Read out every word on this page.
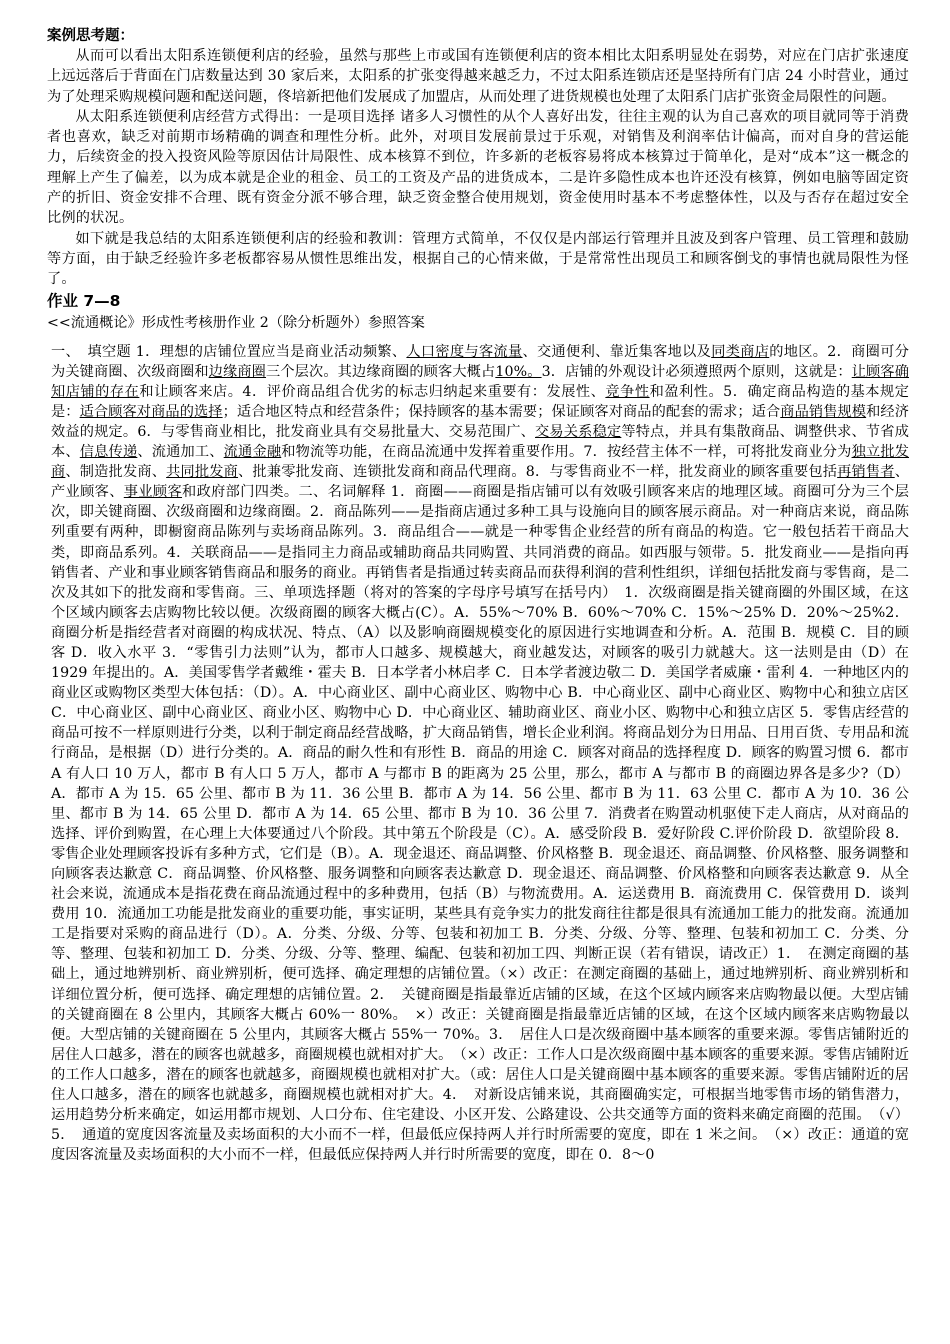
案例思考题：

从而可以看出太阳系连锁便利店的经验，虽然与那些上市或国有连锁便利店的资本相比太阳系明显处在弱势，对应在门店扩张速度上远远落后于背面在门店数量达到 30 家后来，太阳系的扩张变得越来越乏力，不过太阳系连锁店还是坚持所有门店 24 小时营业，通过为了处理采购规模问题和配送问题，佟培新把他们发展成了加盟店，从而处理了进货规模也处理了太阳系门店扩张资金局限性的问题。

从太阳系连锁便利店经营方式得出：一是项目选择 诸多人习惯性的从个人喜好出发，往往主观的认为自己喜欢的项目就同等于消费者也喜欢，缺乏对前期市场精确的调查和理性分析。此外，对项目发展前景过于乐观，对销售及利润率估计偏高，而对自身的营运能力，后续资金的投入投资风险等原因估计局限性、成本核算不到位，许多新的老板容易将成本核算过于简单化，是对“成本”这一概念的理解上产生了偏差，以为成本就是企业的租金、员工的工资及产品的进货成本，二是许多隐性成本也许还没有核算，例如电脑等固定资产的折旧、资金安排不合理、既有资金分派不够合理，缺乏资金整合使用规划，资金使用时基本不考虑整体性，以及与否存在超过安全比例的状况。

如下就是我总结的太阳系连锁便利店的经验和教训：管理方式简单，不仅仅是内部运行管理并且波及到客户管理、员工管理和鼓励等方面，由于缺乏经验许多老板都容易从惯性思维出发，根据自己的心情来做，于是常常性出现员工和顾客倒戈的事情也就局限性为怪了。

作业 7—8

<<流通概论》形成性考核册作业 2（除分析题外）参照答案

一、　填空题 1．理想的店铺位置应当是商业活动频繁、人口密度与客流量、交通便利、靠近集客地以及同类商店的地区。2．商圈可分为关键商圈、次级商圈和边缘商圈三个层次。其边缘商圈的顾客大概占10%。3．店铺的外观设计必须遵照两个原则，这就是：让顾客确知店铺的存在和让顾客来店。4．评价商品组合优劣的标志归纳起来重要有：发展性、竞争性和盈利性。5．确定商品构造的基本规定是：适合顾客对商品的选择；适合地区特点和经营条件；保持顾客的基本需要；保证顾客对商品的配套的需求；适合商品销售规模和经济效益的规定。6．与零售商业相比，批发商业具有交易批量大、交易范围广、交易关系稳定等特点，并具有集散商品、调整供求、节省成本、信息传递、流通加工、流通金融和物流等功能，在商品流通中发挥着重要作用。7．按经营主体不一样，可将批发商业分为独立批发商、制造批发商、共同批发商、批兼零批发商、连锁批发商和商品代理商。8．与零售商业不一样，批发商业的顾客重要包括再销售者、产业顾客、事业顾客和政府部门四类。二、名词解释 1．商圈——商圈是指店铺可以有效吸引顾客来店的地理区域。商圈可分为三个层次，即关键商圈、次级商圈和边缘商圈。2．商品陈列——是指商店通过多种工具与设施向目的顾客展示商品。对一种商店来说，商品陈列重要有两种，即橱窗商品陈列与卖场商品陈列。3．商品组合——就是一种零售企业经营的所有商品的构造。它一般包括若干商品大类，即商品系列。4．关联商品——是指同主力商品或辅助商品共同购置、共同消费的商品。如西服与领带。5．批发商业——是指向再销售者、产业和事业顾客销售商品和服务的商业。再销售者是指通过转卖商品而获得利润的营利性组织，详细包括批发商与零售商，是二次及其如下的批发商和零售商。三、单项选择题（将对的答案的字母序号填写在括号内）　1．次级商圈是指关键商圈的外围区域，在这个区域内顾客去店购物比较以便。次级商圈的顾客大概占(C）。A．55%～70% B．60%～70% C．15%～25% D．20%～25%2．商圈分析是指经营者对商圈的构成状况、特点、（A）以及影响商圈规模变化的原因进行实地调查和分析。A．范围 B．规模 C．目的顾客 D．收入水平 3．“零售引力法则”认为，都市人口越多、规模越大，商业越发达，对顾客的吸引力就越大。这一法则是由（D）在 1929 年提出的。A．美国零售学者戴维・霍夫 B．日本学者小林启孝 C．日本学者渡边敬二 D．美国学者威廉・雷利 4．一种地区内的商业区或购物区类型大体包括：（D）。A．中心商业区、副中心商业区、购物中心 B．中心商业区、副中心商业区、购物中心和独立店区 C．中心商业区、副中心商业区、商业小区、购物中心 D．中心商业区、辅助商业区、商业小区、购物中心和独立店区 5．零售店经营的商品可按不一样原则进行分类，以利于制定商品经营战略，扩大商品销售，增长企业利润。将商品划分为日用品、日用百货、专用品和流行商品，是根据（D）进行分类的。A．商品的耐久性和有形性 B．商品的用途 C．顾客对商品的选择程度 D．顾客的购置习惯 6．都市 A 有人口 10 万人，都市 B 有人口 5 万人，都市 A 与都市 B 的距离为 25 公里，那么，都市 A 与都市 B 的商圈边界各是多少?（D）A．都市 A 为 15．65 公里、都市 B 为 11．36 公里 B．都市 A 为 14．56 公里、都市 B 为 11．63 公里 C．都市 A 为 10．36 公里、都市 B 为 14．65 公里 D．都市 A 为 14．65 公里、都市 B 为 10．36 公里 7．消费者在购置动机驱使下走人商店，从对商品的选择、评价到购置，在心理上大体要通过八个阶段。其中第五个阶段是（C）。A．感受阶段 B．爱好阶段 C.评价阶段 D．欲望阶段 8．零售企业处理顾客投诉有多种方式，它们是（B）。A．现金退还、商品调整、价风格整 B．现金退还、商品调整、价风格整、服务调整和向顾客表达歉意 C．商品调整、价风格整、服务调整和向顾客表达歉意 D．现金退还、商品调整、价风格整和向顾客表达歉意 9．从全社会来说，流通成本是指花费在商品流通过程中的多种费用，包括（B）与物流费用。A．运送费用 B．商流费用 C．保管费用 D．谈判费用 10．流通加工功能是批发商业的重要功能，事实证明，某些具有竞争实力的批发商往往都是很具有流通加工能力的批发商。流通加工是指要对采购的商品进行（D）。A．分类、分级、分等、包装和初加工 B．分类、分级、分等、整理、包装和初加工 C．分类、分等、整理、包装和初加工 D．分类、分级、分等、整理、编配、包装和初加工四、判断正误（若有错误，请改正）1．　在测定商圈的基础上，通过地辨别析、商业辨别析，便可选择、确定理想的店铺位置。（×）改正：在测定商圈的基础上，通过地辨别析、商业辨别析和详细位置分析，便可选择、确定理想的店铺位置。2．　关键商圈是指最靠近店铺的区域，在这个区域内顾客来店购物最以便。大型店铺的关键商圈在 8 公里内，其顾客大概占 60%一 80%。　×）改正：关键商圈是指最靠近店铺的区域，在这个区域内顾客来店购物最以便。大型店铺的关键商圈在 5 公里内，其顾客大概占 55%一 70%。3．　居住人口是次级商圈中基本顾客的重要来源。零售店铺附近的居住人口越多，潜在的顾客也就越多，商圈规模也就相对扩大。　（×）改正：工作人口是次级商圈中基本顾客的重要来源。零售店铺附近的工作人口越多，潜在的顾客也就越多，商圈规模也就相对扩大。（或：居住人口是关键商圈中基本顾客的重要来源。零售店铺附近的居住人口越多，潜在的顾客也就越多，商圈规模也就相对扩大。4．　对新设店铺来说，其商圈确实定，可根据当地零售市场的销售潜力，运用趋势分析来确定，如运用都市规划、人口分布、住宅建设、小区开发、公路建设、公共交通等方面的资料来确定商圈的范围。　（√）5．　通道的宽度因客流量及卖场面积的大小而不一样，但最低应保持两人并行时所需要的宽度，即在 1 米之间。　（×）改正：通道的宽度因客流量及卖场面积的大小而不一样，但最低应保持两人并行时所需要的宽度，即在 0．8～0
